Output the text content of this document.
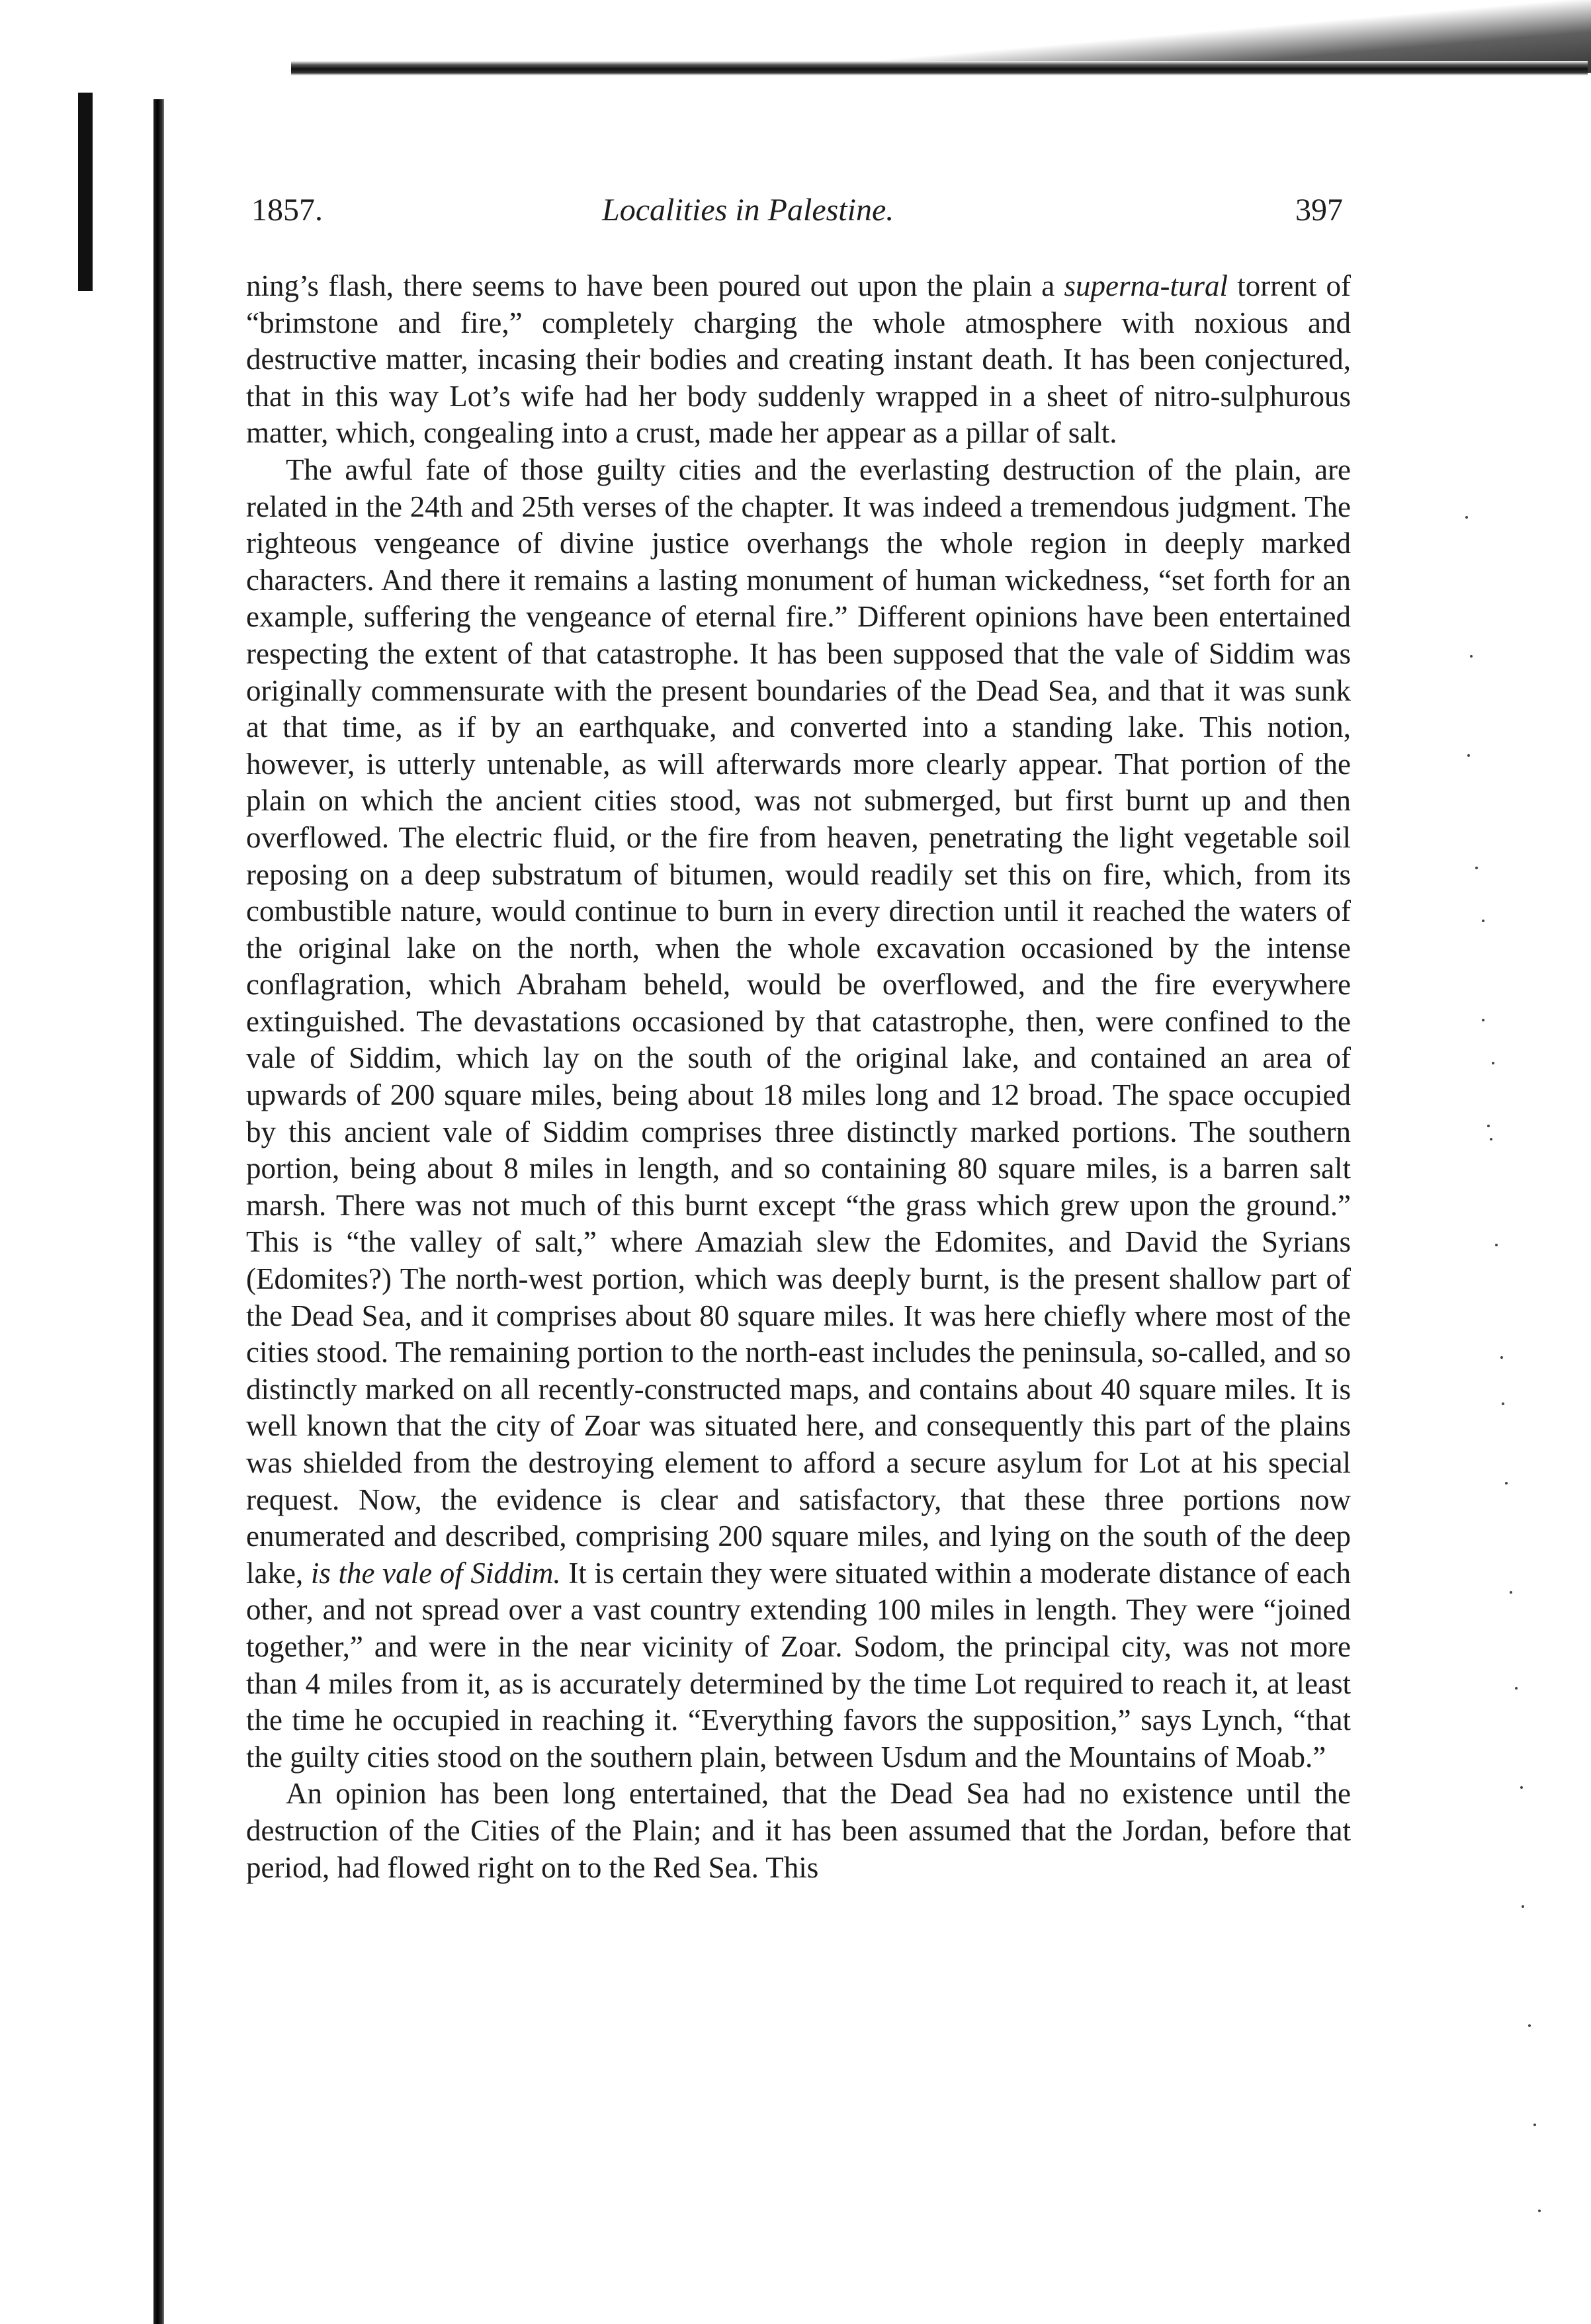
1857.	Localities in Palestine.	397

ning’s flash, there seems to have been poured out upon the plain a superna-tural torrent of “brimstone and fire,” completely charging the whole atmosphere with noxious and destructive matter, incasing their bodies and creating instant death. It has been conjectured, that in this way Lot’s wife had her body suddenly wrapped in a sheet of nitro-sulphurous matter, which, congealing into a crust, made her appear as a pillar of salt.

The awful fate of those guilty cities and the everlasting destruction of the plain, are related in the 24th and 25th verses of the chapter. It was indeed a tremendous judgment. The righteous vengeance of divine justice overhangs the whole region in deeply marked characters. And there it remains a lasting monument of human wickedness, “set forth for an example, suffering the vengeance of eternal fire.” Different opinions have been entertained respecting the extent of that catastrophe. It has been supposed that the vale of Siddim was originally commensurate with the present boundaries of the Dead Sea, and that it was sunk at that time, as if by an earthquake, and converted into a standing lake. This notion, however, is utterly untenable, as will afterwards more clearly appear. That portion of the plain on which the ancient cities stood, was not submerged, but first burnt up and then overflowed. The electric fluid, or the fire from heaven, penetrating the light vegetable soil reposing on a deep substratum of bitumen, would readily set this on fire, which, from its combustible nature, would continue to burn in every direction until it reached the waters of the original lake on the north, when the whole excavation occasioned by the intense conflagration, which Abraham beheld, would be overflowed, and the fire everywhere extinguished. The devastations occasioned by that catastrophe, then, were confined to the vale of Siddim, which lay on the south of the original lake, and contained an area of upwards of 200 square miles, being about 18 miles long and 12 broad. The space occupied by this ancient vale of Siddim comprises three distinctly marked portions. The southern portion, being about 8 miles in length, and so containing 80 square miles, is a barren salt marsh. There was not much of this burnt except “the grass which grew upon the ground.” This is “the valley of salt,” where Amaziah slew the Edomites, and David the Syrians (Edomites?) The north-west portion, which was deeply burnt, is the present shallow part of the Dead Sea, and it comprises about 80 square miles. It was here chiefly where most of the cities stood. The remaining portion to the north-east includes the peninsula, so-called, and so distinctly marked on all recently-constructed maps, and contains about 40 square miles. It is well known that the city of Zoar was situated here, and consequently this part of the plains was shielded from the destroying element to afford a secure asylum for Lot at his special request. Now, the evidence is clear and satisfactory, that these three portions now enumerated and described, comprising 200 square miles, and lying on the south of the deep lake, is the vale of Siddim. It is certain they were situated within a moderate distance of each other, and not spread over a vast country extending 100 miles in length. They were “joined together,” and were in the near vicinity of Zoar. Sodom, the principal city, was not more than 4 miles from it, as is accurately determined by the time Lot required to reach it, at least the time he occupied in reaching it. “Everything favors the supposition,” says Lynch, “that the guilty cities stood on the southern plain, between Usdum and the Mountains of Moab.”

An opinion has been long entertained, that the Dead Sea had no existence until the destruction of the Cities of the Plain; and it has been assumed that the Jordan, before that period, had flowed right on to the Red Sea. This
